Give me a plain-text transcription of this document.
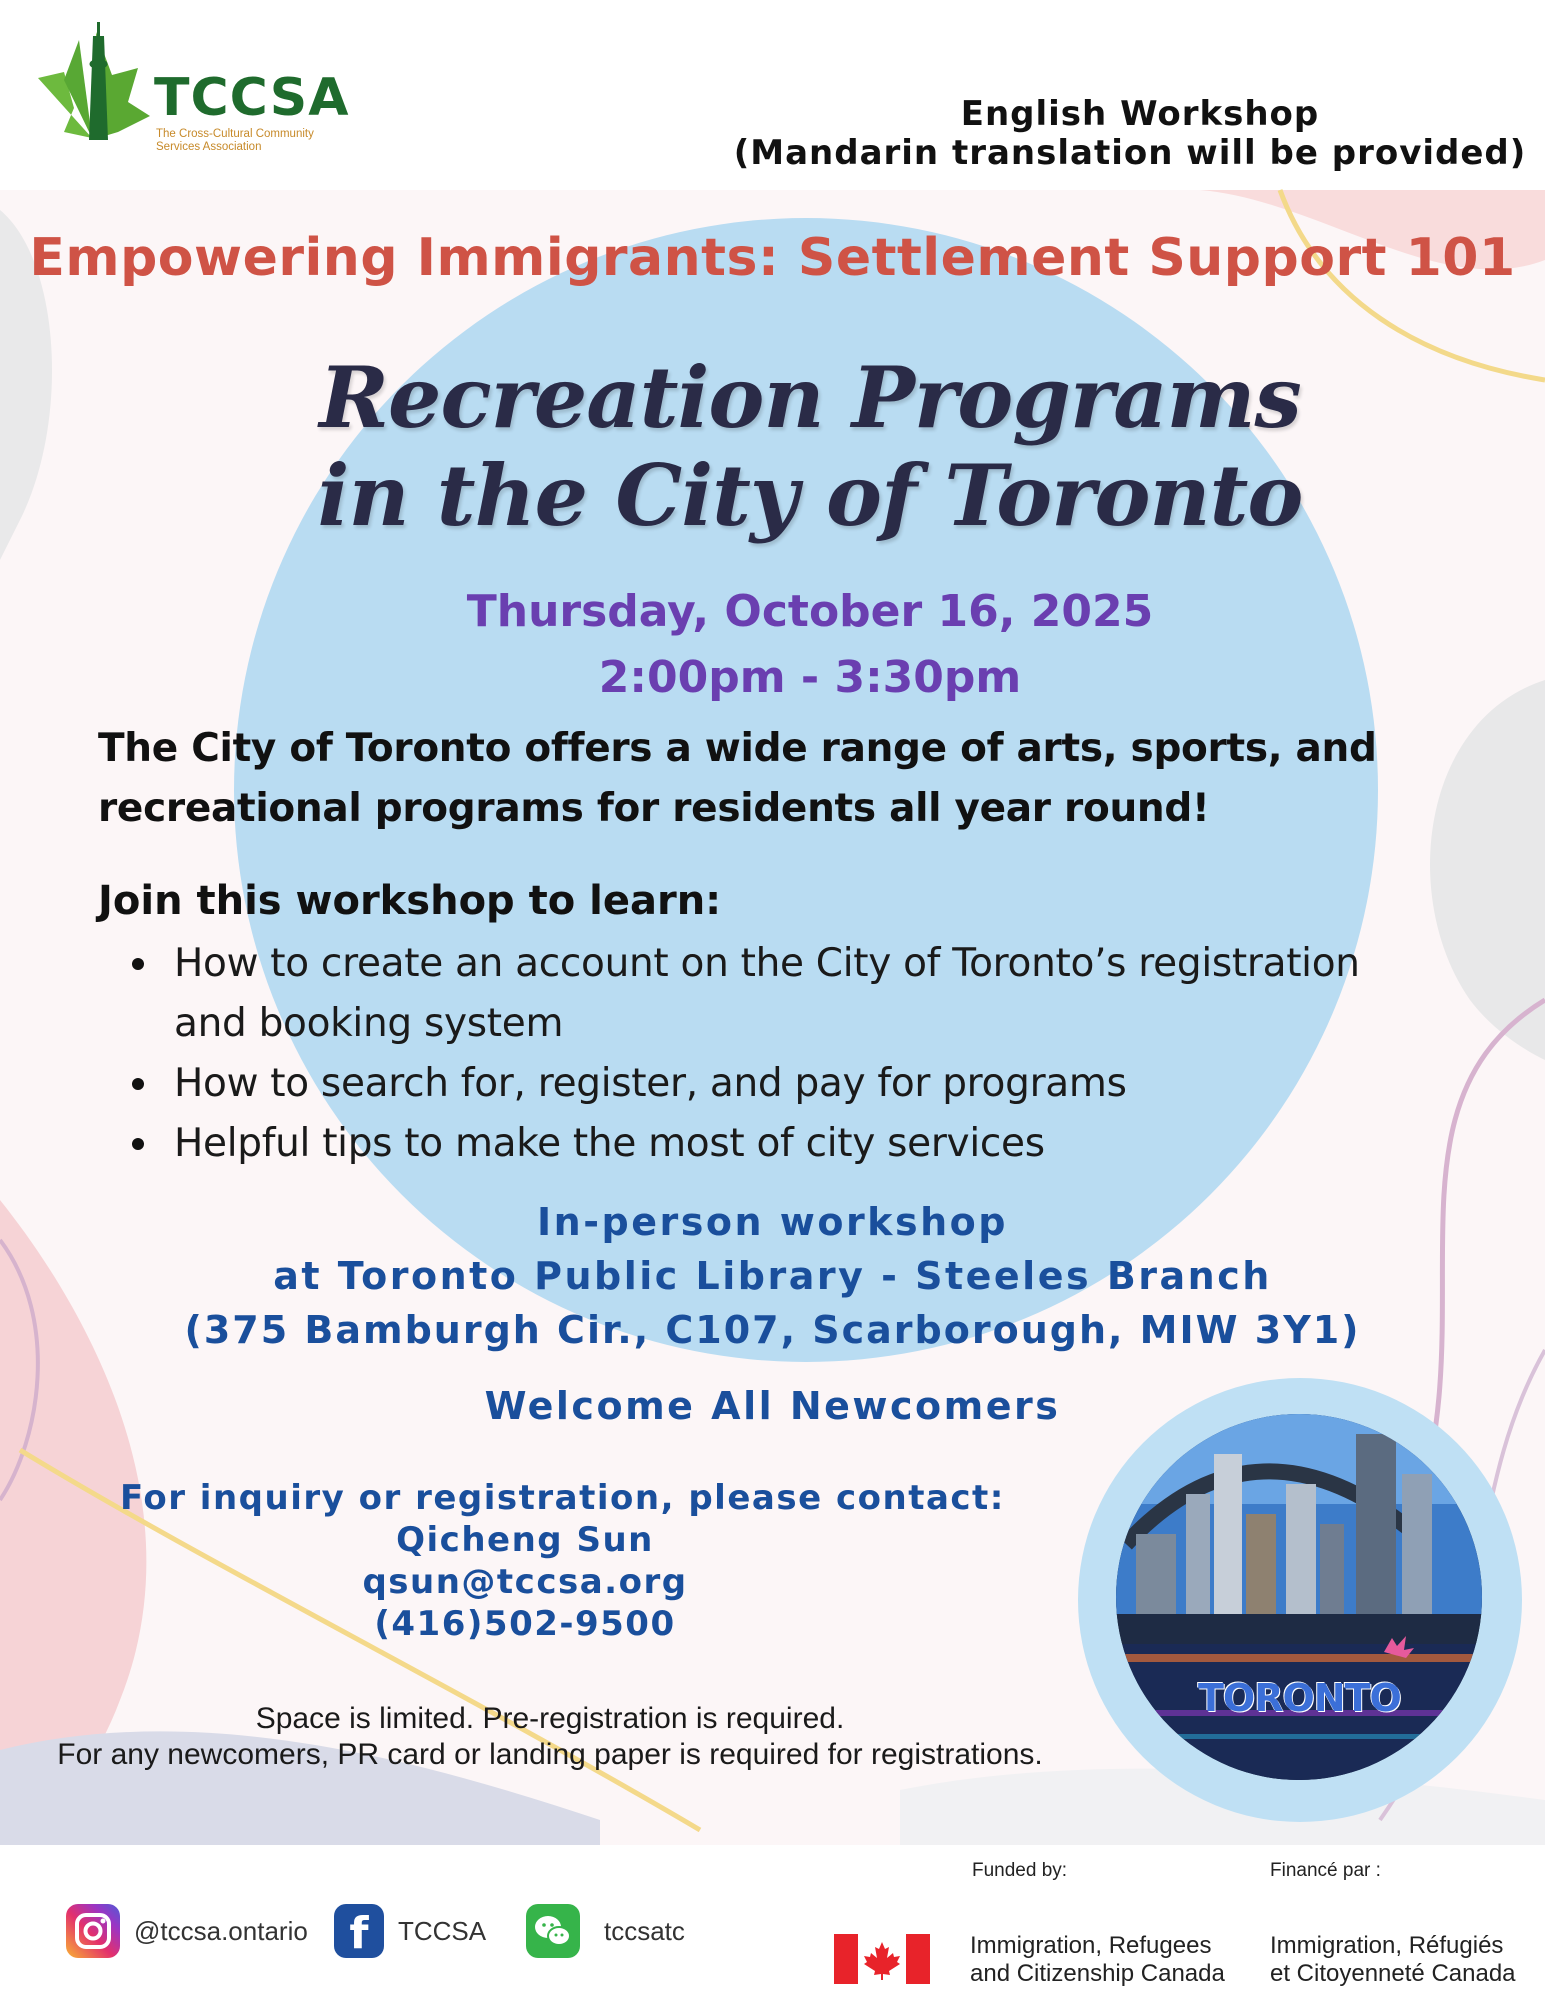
TCCSA
The Cross-Cultural Community
Services Association
English Workshop
(Mandarin translation will be provided)
Empowering Immigrants: Settlement Support 101
Recreation Programs
in the City of Toronto
Thursday, October 16, 2025
2:00pm - 3:30pm
The City of Toronto offers a wide range of arts, sports, and
recreational programs for residents all year round!
Join this workshop to learn:
How to create an account on the City of Toronto’s registration
and booking system
How to search for, register, and pay for programs
Helpful tips to make the most of city services
In-person workshop
at Toronto Public Library - Steeles Branch
(375 Bamburgh Cir., C107, Scarborough, MIW 3Y1)
Welcome All Newcomers
For inquiry or registration, please contact:
Qicheng Sun
qsun@tccsa.org
(416)502-9500
Space is limited. Pre-registration is required.
For any newcomers, PR card or landing paper is required for registrations.
TORONTO
@tccsa.ontario f	TCCSA	tccsatc
Funded by:	Financé par :
Immigration, Refugees
and Citizenship Canada
Immigration, Réfugiés
et Citoyenneté Canada
